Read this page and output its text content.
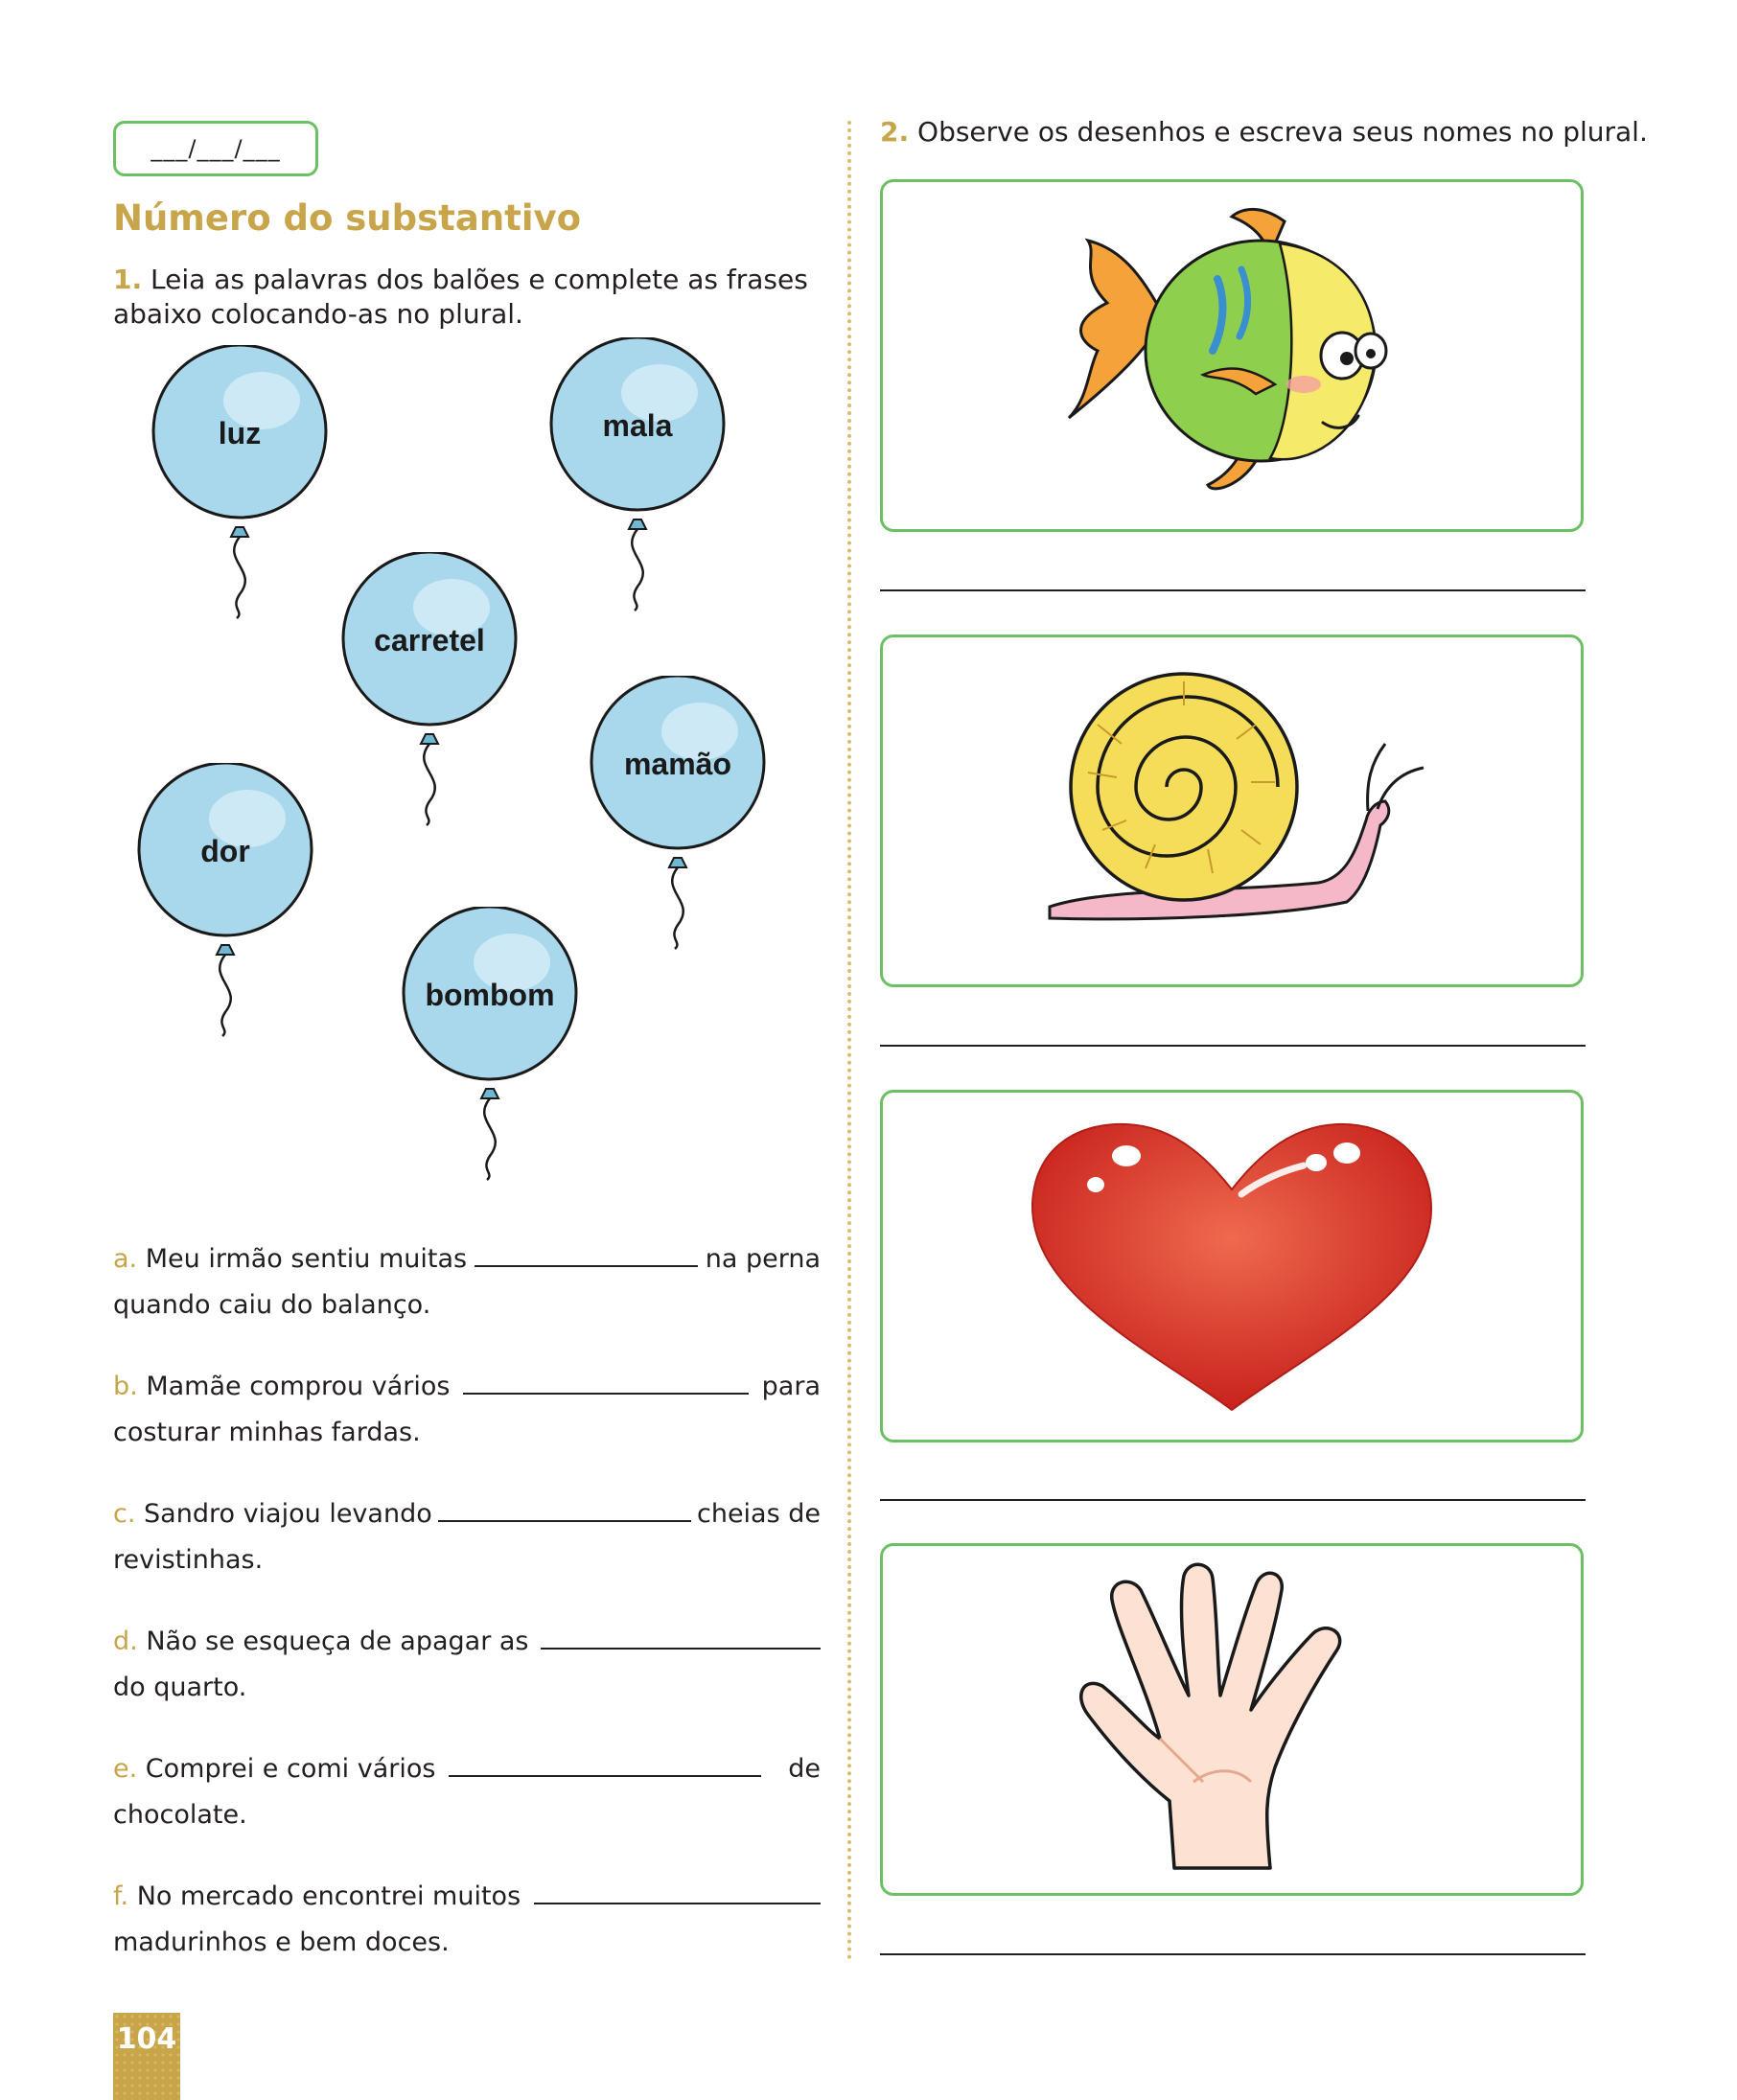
___/___/___
Número do substantivo
1. Leia as palavras dos balões e complete as frases abaixo colocando-as no plural.
luz	mala
carretel
mamão
dor
bombom
a. Meu irmão sentiu muitas	na perna
quando caiu do balanço.
b. Mamãe comprou vários	para
costurar minhas fardas.
c. Sandro viajou levando	cheias de
revistinhas.
d. Não se esqueça de apagar as
do quarto.
e. Comprei e comi vários	de
chocolate.
f. No mercado encontrei muitos
madurinhos e bem doces.
2. Observe os desenhos e escreva seus nomes no plural.
104
